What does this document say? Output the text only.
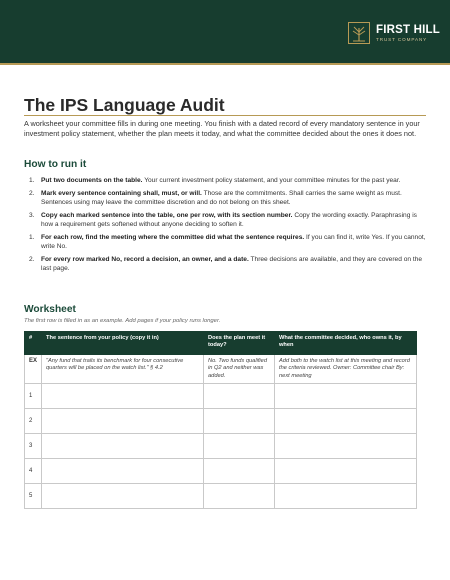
FIRST HILL
TRUST COMPANY
The IPS Language Audit

A worksheet your committee fills in during one meeting. You finish with a dated record of every mandatory sentence in your investment policy statement, whether the plan meets it today, and what the committee decided about the ones it does not.

How to run it
1. Put two documents on the table. Your current investment policy statement, and your committee minutes for the past year.
2. Mark every sentence containing shall, must, or will. Those are the commitments. Shall carries the same weight as must. Sentences using may leave the committee discretion and do not belong on this sheet.
3. Copy each marked sentence into the table, one per row, with its section number. Copy the wording exactly. Paraphrasing is how a requirement gets softened without anyone deciding to soften it.
1. For each row, find the meeting where the committee did what the sentence requires. If you can find it, write Yes. If you cannot, write No.
2. For every row marked No, record a decision, an owner, and a date. Three decisions are available, and they are covered on the last page.
Worksheet

The first row is filled in as an example. Add pages if your policy runs longer.

#	The sentence from your policy (copy it in)	Does the plan meet it today?	What the committee decided, who owns it, by when
EX	"Any fund that trails its benchmark for four consecutive quarters will be placed on the watch list." § 4.2	No. Two funds qualified in Q2 and neither was added.	Add both to the watch list at this meeting and record the criteria reviewed. Owner: Committee chair By: next meeting
1			
2			
3			
4			
5			
